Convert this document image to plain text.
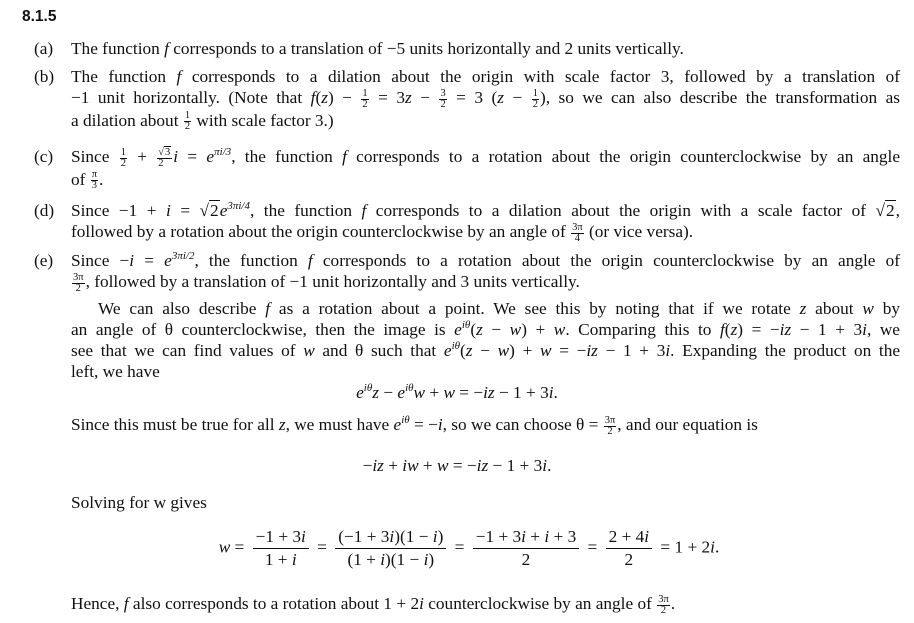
8.1.5
(a)	The function f corresponds to a translation of −5 units horizontally and 2 units vertically.
(b) The function f corresponds to a dilation about the origin with scale factor 3, followed by a translation of
−1 unit horizontally. (Note that $f(z) - \frac{1}{2} = 3z - \frac{3}{2} = 3$ ($z - \frac{1}{2}$ ), so we can also describe the transformation as
a dilation about $\frac{1}{2}$ with scale factor 3.)
(c)	Since $\frac{1}{2} + \frac{√3}{2}$ $i = e^{\pi i/3}$, the function f corresponds to a rotation about the origin counterclockwise by an angle
of $\frac{\pi}{3}$ .
(d) Since $-1 + i = √2e^{3\pi i/4}$, the function f corresponds to a dilation about the origin with a scale factor of √2,
followed by a rotation about the origin counterclockwise by an angle of $\frac{3\pi}{4} (or$ vice versa).
(e)	Since $-i = e^{3\pi i/2}$, the function f corresponds to a rotation about the origin counterclockwise by an angle of
$\frac{3\pi}{2}$ , followed by a translation of −1 unit horizontally and 3 units vertically.
We can also describe f as a rotation about a point. We see this by noting that if we rotate z about w by
an angle of θ counterclockwise, then the image is $e^{i\theta}(z - w) + w$. Comparing this to f(z) = −iz − 1 + 3i, we
see that we can find values of w and θ such that $e^{i\theta}(z - w) + w = -iz - 1 + 3i$. Expanding the product on the
left, we have
$e^{i\theta}z - e^{i\theta}w + w = -iz - 1 + 3i$.
Since this must be true for all z, we must have $e^{i\theta} = -i$, so we can choose $\theta = \frac{3\pi}{2}$ , and our equation is
−iz + iw + w = −iz − 1 + 3i.
Solving for w gives
$w = \frac{-1 + 3i}{1 + i} = \frac{(-1 + 3i)(1 - i)}{(1 + i)(1 - i)} = \frac{-1 + 3i + i + 3}{2} = \frac{2 + 4i}{2} = 1 + 2i$.
Hence, f also corresponds to a rotation about 1 + 2i counterclockwise by an angle of $\frac{3\pi}{2}$ .
